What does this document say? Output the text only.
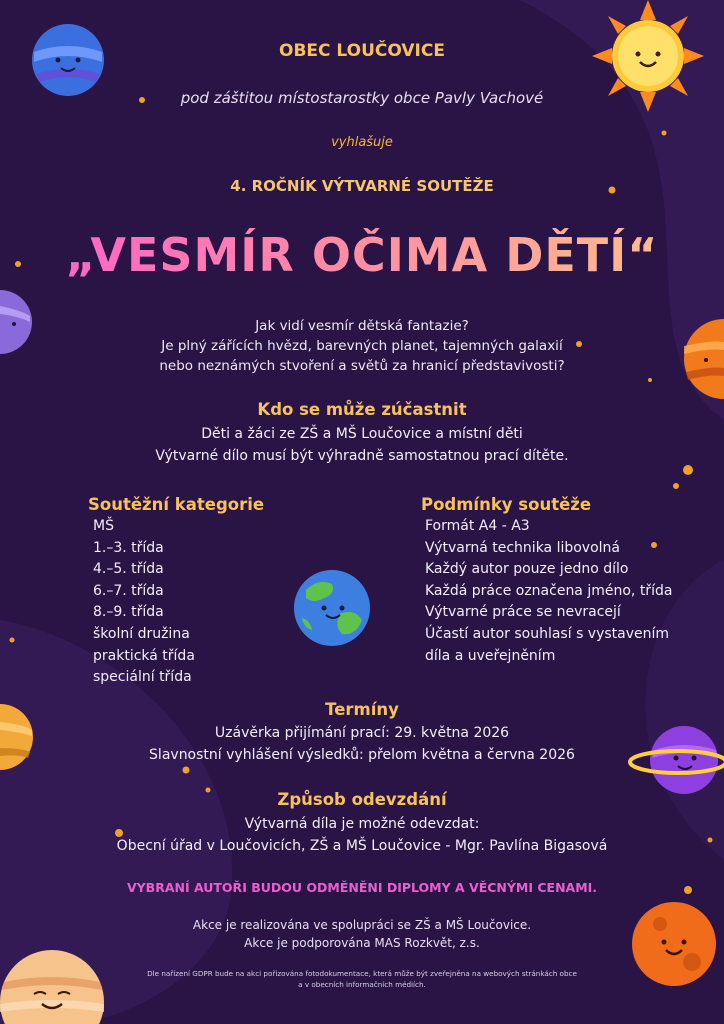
OBEC LOUČOVICE
pod záštitou místostarostky obce Pavly Vachové
vyhlašuje
4. ROČNÍK VÝTVARNÉ SOUTĚŽE
„VESMÍR OČIMA DĚTÍ“
Jak vidí vesmír dětská fantazie?
Je plný zářících hvězd, barevných planet, tajemných galaxií
nebo neznámých stvoření a světů za hranicí představivosti?
Kdo se může zúčastnit
Děti a žáci ze ZŠ a MŠ Loučovice a místní děti
Výtvarné dílo musí být výhradně samostatnou prací dítěte.
Soutěžní kategorie
MŠ
1.–3. třída
4.–5. třída
6.–7. třída
8.–9. třída
školní družina
praktická třída
speciální třída
Podmínky soutěže
Formát A4 - A3
Výtvarná technika libovolná
Každý autor pouze jedno dílo
Každá práce označena jméno, třída
Výtvarné práce se nevracejí
Účastí autor souhlasí s vystavením
díla a uveřejněním
Termíny
Uzávěrka přijímání prací: 29. května 2026
Slavnostní vyhlášení výsledků: přelom května a června 2026
Způsob odevzdání
Výtvarná díla je možné odevzdat:
Obecní úřad v Loučovicích, ZŠ a MŠ Loučovice - Mgr. Pavlína Bigasová
VYBRANÍ AUTOŘI BUDOU ODMĚNĚNI DIPLOMY A VĚCNÝMI CENAMI.
Akce je realizována ve spolupráci se ZŠ a MŠ Loučovice.
Akce je podporována MAS Rozkvět, z.s.
Dle nařízení GDPR bude na akci pořizována fotodokumentace, která může být zveřejněna na webových stránkách obce
a v obecních informačních médiích.
